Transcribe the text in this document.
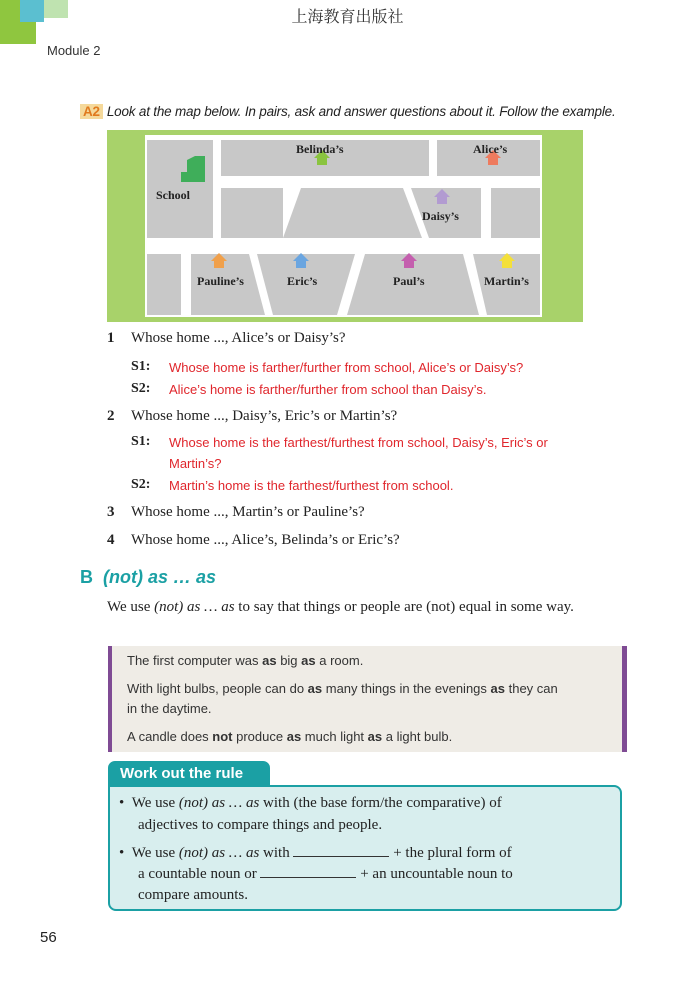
上海教育出版社
Module 2
A2 Look at the map below. In pairs, ask and answer questions about it. Follow the example.
Belinda’s	Alice’s
School
Daisy’s
Pauline’s	Eric’s	Paul’s	Martin’s
1 Whose home ..., Alice’s or Daisy’s?
S1: Whose home is farther/further from school, Alice’s or Daisy’s?
S2: Alice’s home is farther/further from school than Daisy’s.
2 Whose home ..., Daisy’s, Eric’s or Martin’s?
S1: Whose home is the farthest/furthest from school, Daisy’s, Eric’s or
Martin’s?
S2: Martin’s home is the farthest/furthest from school.
3 Whose home ..., Martin’s or Pauline’s?
4 Whose home ..., Alice’s, Belinda’s or Eric’s?
B (not) as … as
We use (not) as … as to say that things or people are (not) equal in some way.
The first computer was as big as a room.
With light bulbs, people can do as many things in the evenings as they can
in the daytime.
A candle does not produce as much light as a light bulb.
Work out the rule
•  We use (not) as … as with (the base form/the comparative) of
adjectives to compare things and people.
•  We use (not) as … as with	+ the plural form of
a countable noun or	+ an uncountable noun to
compare amounts.
56
